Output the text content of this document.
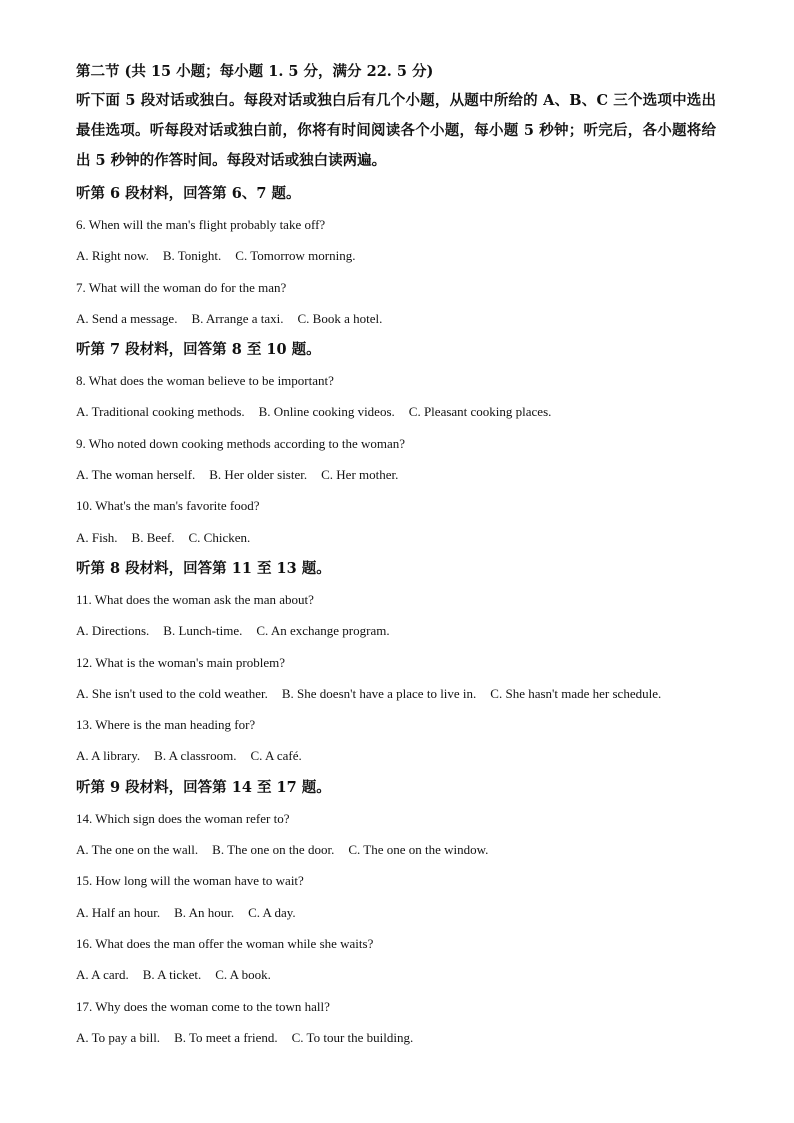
第二节 (共 15 小题；每小题 1. 5 分，满分 22. 5 分)
听下面 5 段对话或独白。每段对话或独白后有几个小题，从题中所给的 A、B、C 三个选项中选出最佳选项。听每段对话或独白前，你将有时间阅读各个小题，每小题 5 秒钟；听完后，各小题将给出 5 秒钟的作答时间。每段对话或独白读两遍。
听第 6 段材料，回答第 6、7 题。
6. When will the man's flight probably take off?
A. Right now. B. Tonight. C. Tomorrow morning.
7. What will the woman do for the man?
A. Send a message. B. Arrange a taxi. C. Book a hotel.
听第 7 段材料，回答第 8 至 10 题。
8. What does the woman believe to be important?
A. Traditional cooking methods. B. Online cooking videos. C. Pleasant cooking places.
9. Who noted down cooking methods according to the woman?
A. The woman herself. B. Her older sister. C. Her mother.
10. What's the man's favorite food?
A. Fish. B. Beef. C. Chicken.
听第 8 段材料，回答第 11 至 13 题。
11. What does the woman ask the man about?
A. Directions. B. Lunch-time. C. An exchange program.
12. What is the woman's main problem?
A. She isn't used to the cold weather. B. She doesn't have a place to live in. C. She hasn't made her schedule.
13. Where is the man heading for?
A. A library. B. A classroom. C. A café.
听第 9 段材料，回答第 14 至 17 题。
14. Which sign does the woman refer to?
A. The one on the wall. B. The one on the door. C. The one on the window.
15. How long will the woman have to wait?
A. Half an hour. B. An hour. C. A day.
16. What does the man offer the woman while she waits?
A. A card. B. A ticket. C. A book.
17. Why does the woman come to the town hall?
A. To pay a bill. B. To meet a friend. C. To tour the building.
